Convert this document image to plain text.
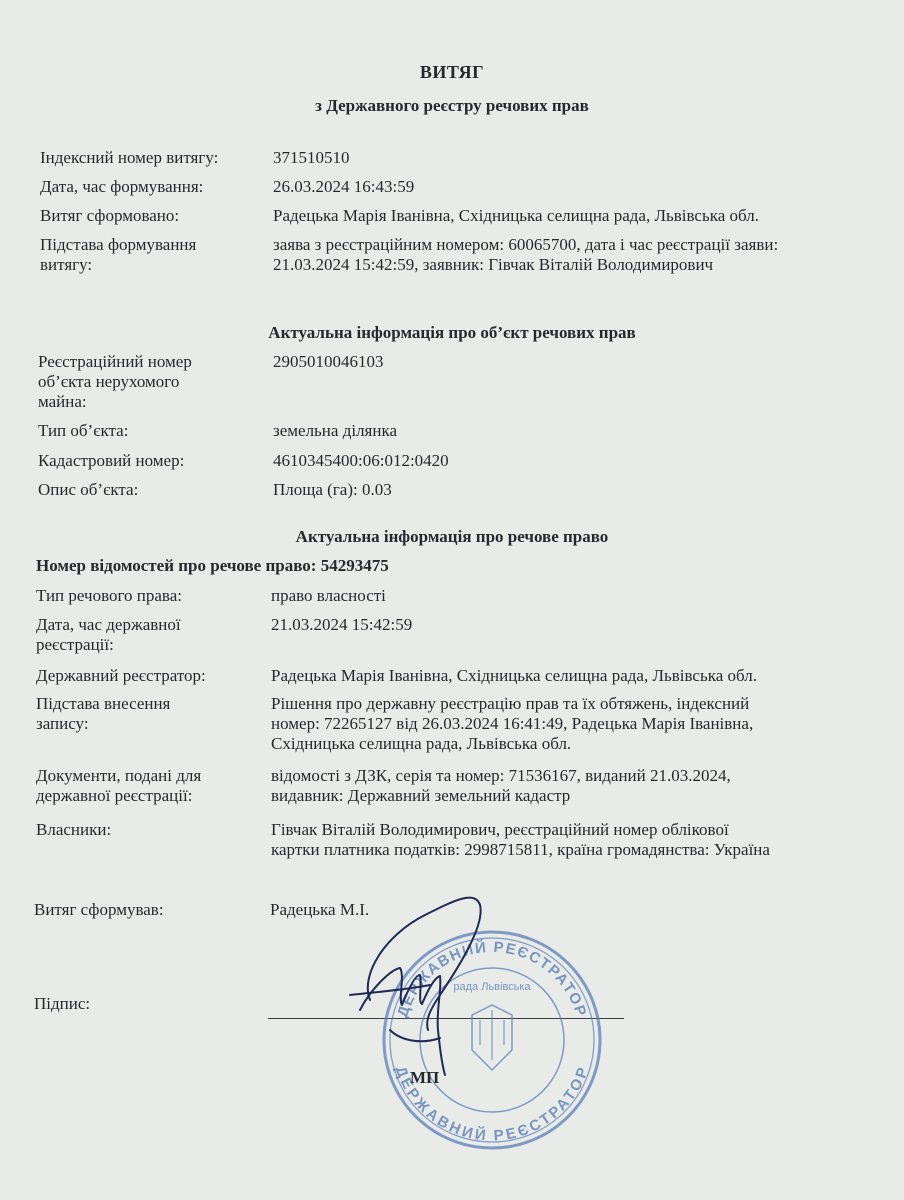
ВИТЯГ
з Державного реєстру речових прав
Індексний номер витягу:	371510510
Дата, час формування:	26.03.2024 16:43:59
Витяг сформовано:	Радецька Марія Іванівна, Східницька селищна рада, Львівська обл.
Підстава формування
витягу:
заява з реєстраційним номером: 60065700, дата і час реєстрації заяви:
21.03.2024 15:42:59, заявник: Гівчак Віталій Володимирович
Актуальна інформація про об’єкт речових прав
Реєстраційний номер
об’єкта нерухомого
майна:
2905010046103
Тип об’єкта:	земельна ділянка
Кадастровий номер:	4610345400:06:012:0420
Опис об’єкта:	Площа (га): 0.03
Актуальна інформація про речове право
Номер відомостей про речове право: 54293475
Тип речового права:	право власності
Дата, час державної
реєстрації:
21.03.2024 15:42:59
Державний реєстратор:	Радецька Марія Іванівна, Східницька селищна рада, Львівська обл.
Підстава внесення
запису:
Рішення про державну реєстрацію прав та їх обтяжень, індексний
номер: 72265127 від 26.03.2024 16:41:49, Радецька Марія Іванівна,
Східницька селищна рада, Львівська обл.
Документи, подані для
державної реєстрації:
відомості з ДЗК, серія та номер: 71536167, виданий 21.03.2024,
видавник: Державний земельний кадастр
Власники:	Гівчак Віталій Володимирович, реєстраційний номер облікової
картки платника податків: 2998715811, країна громадянства: Україна
Витяг сформував:	Радецька М.І.
Підпис:	ДЕРЖАВНИЙ РЕЄСТРАТОР
ДЕРЖАВНИЙ РЕЄСТРАТОР
рада Львівська
МП
